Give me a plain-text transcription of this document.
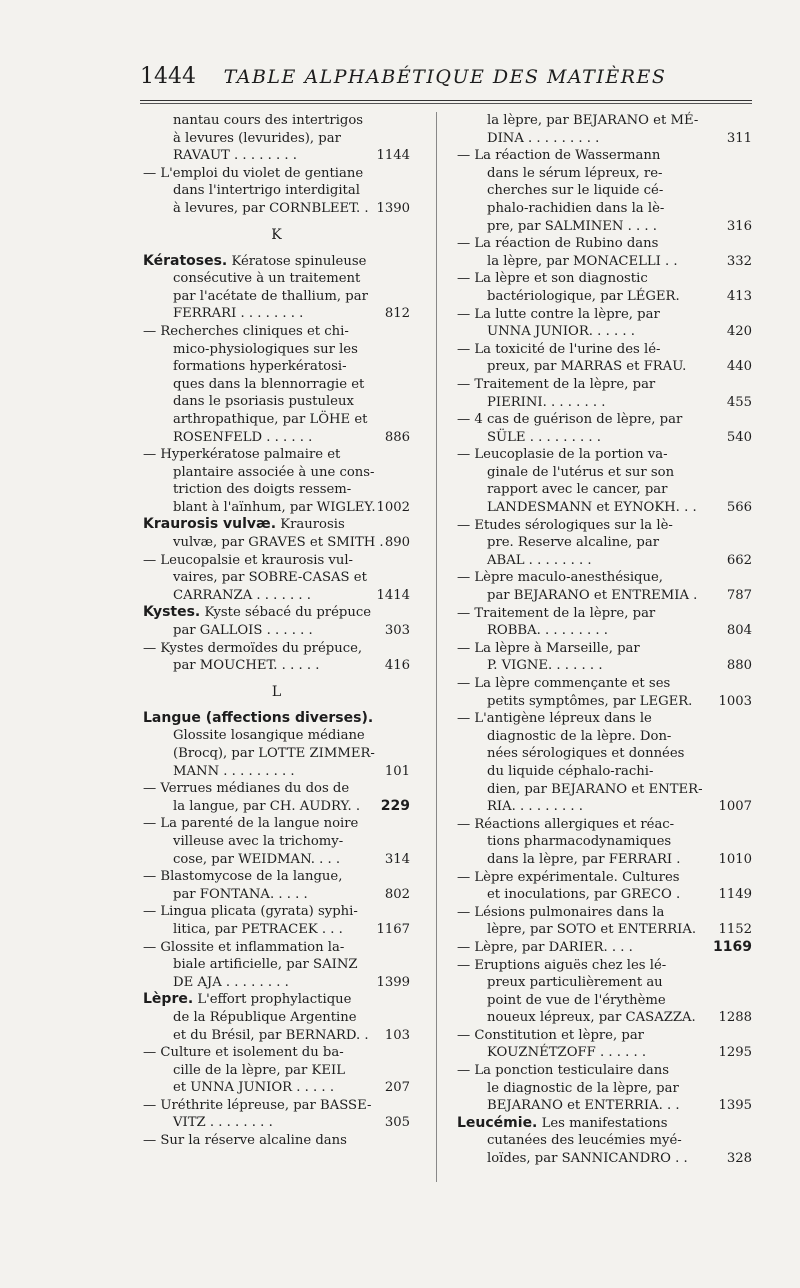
1444	TABLE ALPHABÉTIQUE DES MATIÈRES
nantau cours des intertrigos
à levures (levurides), par
RAVAUT . . . . . . . .	1144
— L'emploi du violet de gentiane
dans l'intertrigo interdigital
à levures, par CORNBLEET. . 1390
K
Kératoses. Kératose spinuleuse
consécutive à un traitement
par l'acétate de thallium, par
FERRARI . . . . . . . .	812
— Recherches cliniques et chi-
mico-physiologiques sur les
formations hyperkératosi-
ques dans la blennorragie et
dans le psoriasis pustuleux
arthropathique, par LÖHE et
ROSENFELD . . . . . .	886
— Hyperkératose palmaire et
plantaire associée à une cons-
triction des doigts ressem-
blant à l'aïnhum, par WIGLEY. 1002
Kraurosis vulvæ. Kraurosis
vulvæ, par GRAVES et SMITH . 890
— Leucopalsie et kraurosis vul-
vaires, par SOBRE-CASAS et
CARRANZA . . . . . . .	1414
Kystes. Kyste sébacé du prépuce
par GALLOIS . . . . . .	303
— Kystes dermoïdes du prépuce,
par MOUCHET. . . . . .	416
L
Langue (affections diverses).
Glossite losangique médiane
(Brocq), par LOTTE ZIMMER-
MANN . . . . . . . . .	101
— Verrues médianes du dos de
la langue, par CH. AUDRY. . 229
— La parenté de la langue noire
villeuse avec la trichomy-
cose, par WEIDMAN. . . .	314
— Blastomycose de la langue,
par FONTANA. . . . .	802
— Lingua plicata (gyrata) syphi-
litica, par PETRACEK . . .	1167
— Glossite et inflammation la-
biale artificielle, par SAINZ
DE AJA . . . . . . . .	1399
Lèpre. L'effort prophylactique
de la République Argentine
et du Brésil, par BERNARD. . 103
— Culture et isolement du ba-
cille de la lèpre, par KEIL
et UNNA JUNIOR . . . . .	207
— Uréthrite lépreuse, par BASSE-
VITZ . . . . . . . .	305
— Sur la réserve alcaline dans
la lèpre, par BEJARANO et MÉ-
DINA . . . . . . . . .	311
— La réaction de Wassermann
dans le sérum lépreux, re-
cherches sur le liquide cé-
phalo-rachidien dans la lè-
pre, par SALMINEN . . . .	316
— La réaction de Rubino dans
la lèpre, par MONACELLI . .	332
— La lèpre et son diagnostic
bactériologique, par LÉGER.	413
— La lutte contre la lèpre, par
UNNA JUNIOR. . . . . .	420
— La toxicité de l'urine des lé-
preux, par MARRAS et FRAU.	440
— Traitement de la lèpre, par
PIERINI. . . . . . . .	455
— 4 cas de guérison de lèpre, par
SÜLE . . . . . . . . .	540
— Leucoplasie de la portion va-
ginale de l'utérus et sur son
rapport avec le cancer, par
LANDESMANN et EYNOKH. . . 566
— Etudes sérologiques sur la lè-
pre. Reserve alcaline, par
ABAL . . . . . . . .	662
— Lèpre maculo-anesthésique,
par BEJARANO et ENTREMIA . 787
— Traitement de la lèpre, par
ROBBA. . . . . . . . .	804
— La lèpre à Marseille, par
P. VIGNE. . . . . . .	880
— La lèpre commençante et ses
petits symptômes, par LEGER. 1003
— L'antigène lépreux dans le
diagnostic de la lèpre. Don-
nées sérologiques et données
du liquide céphalo-rachi-
dien, par BEJARANO et ENTER-
RIA. . . . . . . . .	1007
— Réactions allergiques et réac-
tions pharmacodynamiques
dans la lèpre, par FERRARI .	1010
— Lèpre expérimentale. Cultures
et inoculations, par GRECO .	1149
— Lésions pulmonaires dans la
lèpre, par SOTO et ENTERRIA. 1152
— Lèpre, par DARIER. . . .	1169
— Eruptions aiguës chez les lé-
preux particulièrement au
point de vue de l'érythème
noueux lépreux, par CASAZZA. 1288
— Constitution et lèpre, par
KOUZNÉTZOFF . . . . . .	1295
— La ponction testiculaire dans
le diagnostic de la lèpre, par
BEJARANO et ENTERRIA. . .	1395
Leucémie. Les manifestations
cutanées des leucémies myé-
loïdes, par SANNICANDRO . .	328
